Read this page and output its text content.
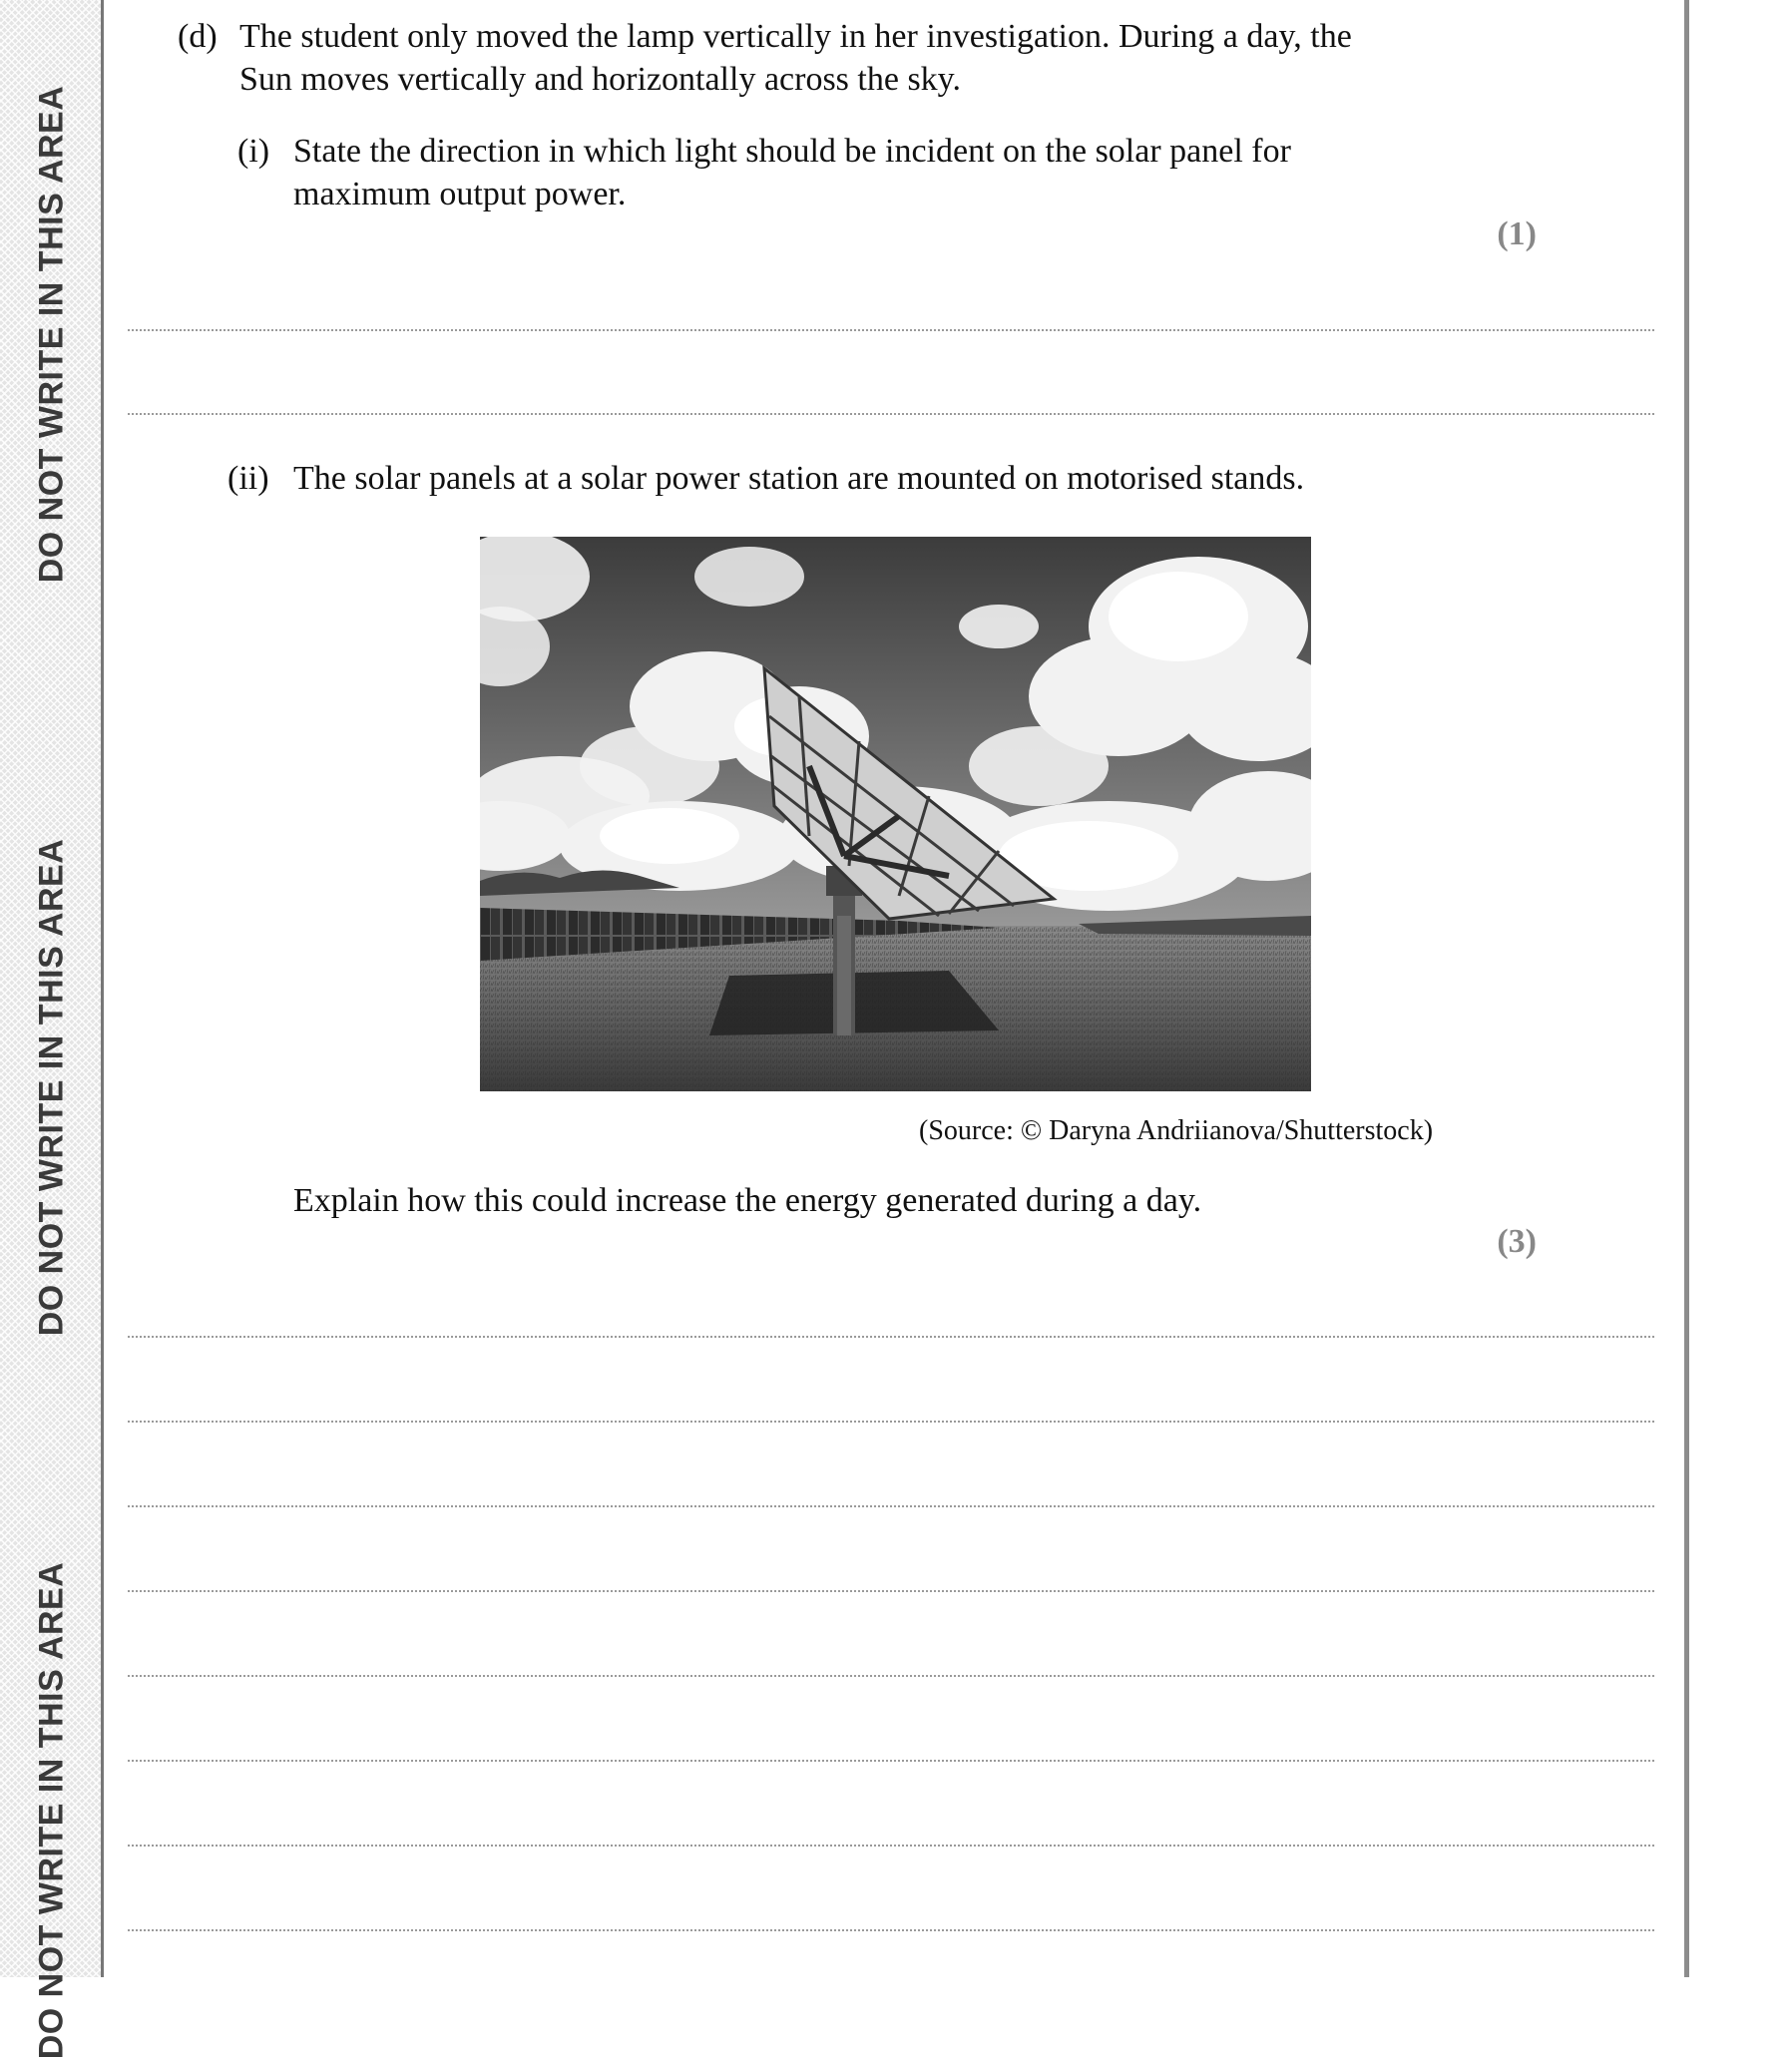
DO NOT WRITE IN THIS AREA
DO NOT WRITE IN THIS AREA
DO NOT WRITE IN THIS AREA
(d) The student only moved the lamp vertically in her investigation. During a day, the
Sun moves vertically and horizontally across the sky.
(i) State the direction in which light should be incident on the solar panel for
maximum output power.
(1)
(ii) The solar panels at a solar power station are mounted on motorised stands.
(Source: © Daryna Andriianova/Shutterstock)
Explain how this could increase the energy generated during a day.
(3)
